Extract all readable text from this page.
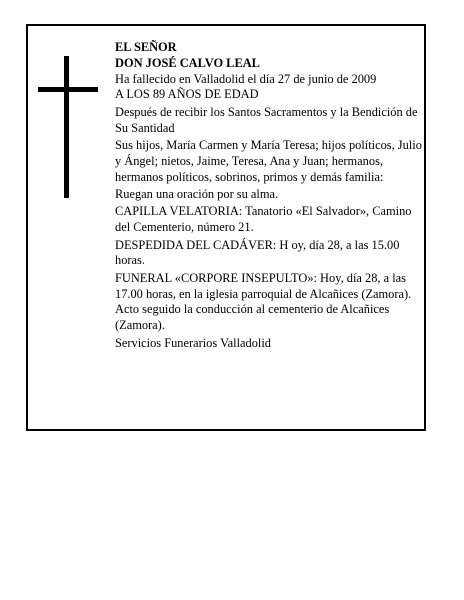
EL SEÑOR

DON JOSÉ CALVO LEAL

Ha fallecido en Valladolid el día 27 de junio de 2009

A LOS 89 AÑOS DE EDAD

Después de recibir los Santos Sacramentos y la Bendición de Su Santidad

Sus hijos, María Carmen y María Teresa; hijos políticos, Julio y Ángel; nietos, Jaime, Teresa, Ana y Juan; hermanos, hermanos políticos, sobrinos, primos y demás familia:

Ruegan una oración por su alma.

CAPILLA VELATORIA: Tanatorio «El Salvador», Camino del Cementerio, número 21.

DESPEDIDA DEL CADÁVER: H oy, día 28, a las 15.00 horas.

FUNERAL «CORPORE INSEPULTO»: Hoy, día 28, a las 17.00 horas, en la iglesia parroquial de Alcañices (Zamora). Acto seguido la conducción al cementerio de Alcañices (Zamora).

Servicios Funerarios Valladolid
